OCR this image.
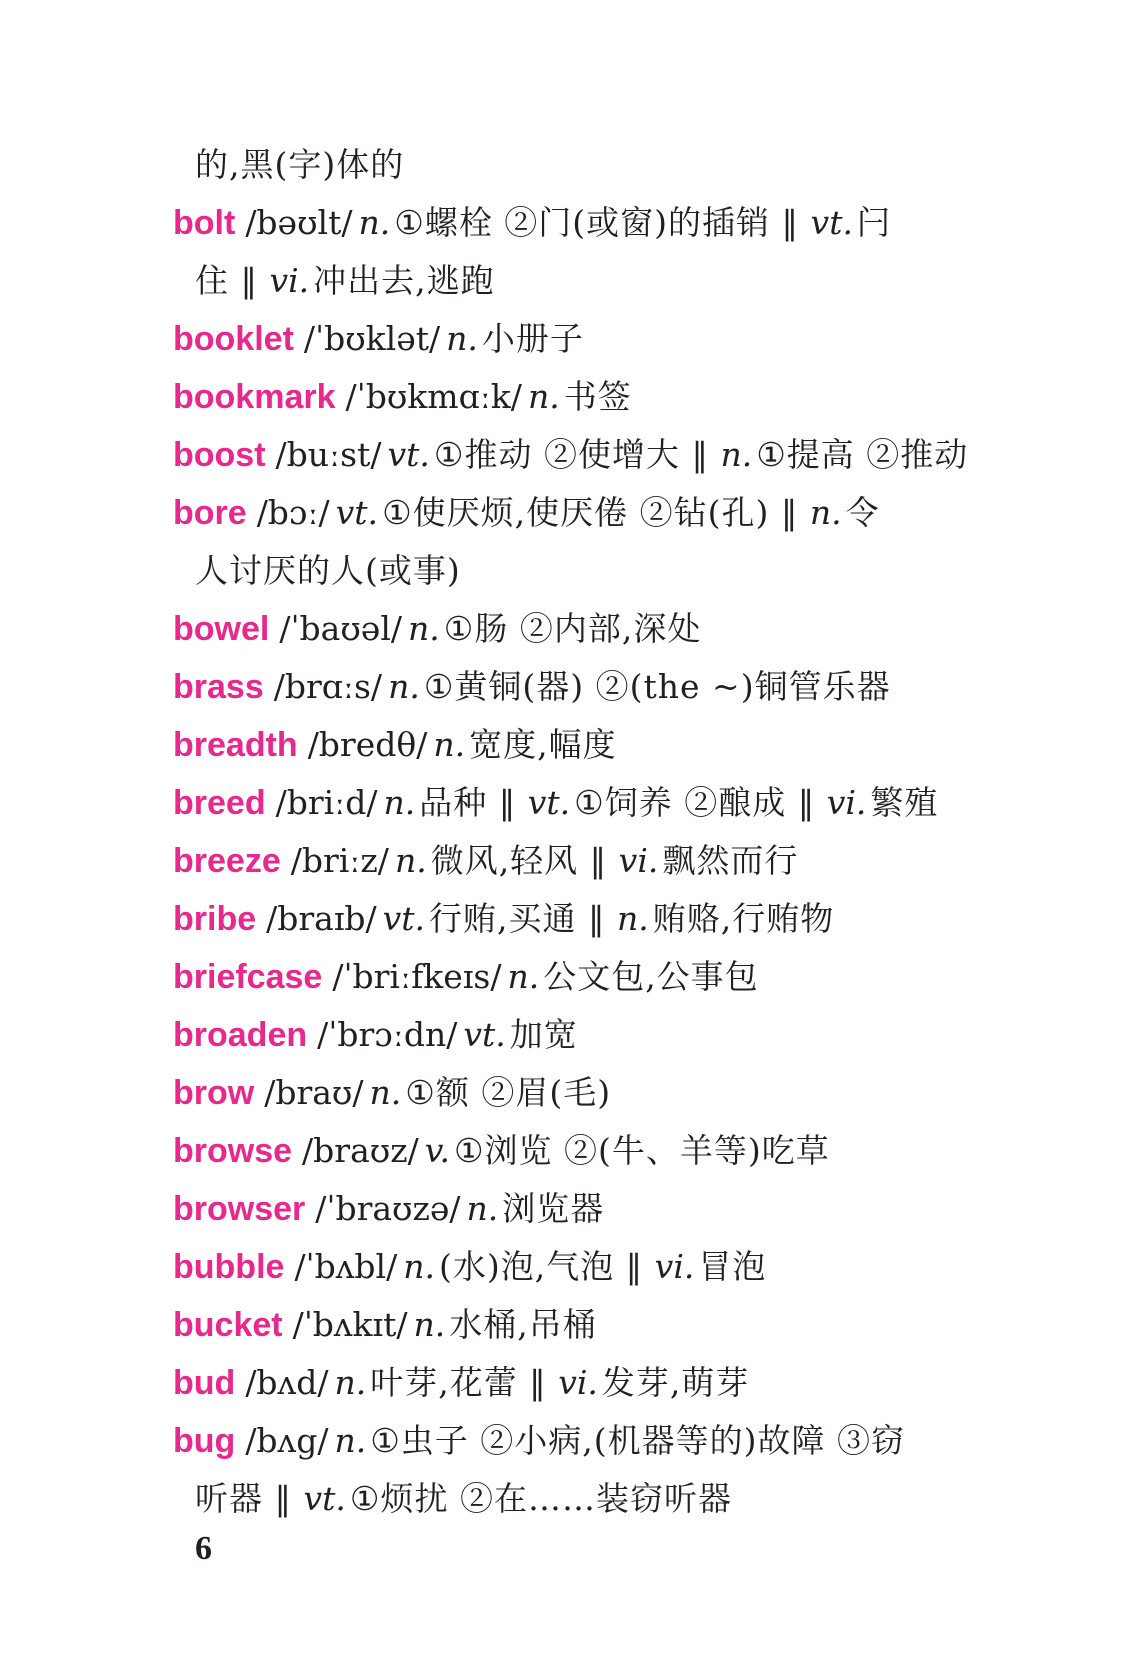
的,黑(字)体的
bolt /bəʊlt/ n. ①螺栓 ②门(或窗)的插销 ‖ vt. 闩
住 ‖ vi. 冲出去,逃跑
booklet /ˈbʊklət/ n. 小册子
bookmark /ˈbʊkmɑːk/ n. 书签
boost /buːst/ vt. ①推动 ②使增大 ‖ n. ①提高 ②推动
bore /bɔː/ vt. ①使厌烦,使厌倦 ②钻(孔) ‖ n. 令
人讨厌的人(或事)
bowel /ˈbaʊəl/ n. ①肠 ②内部,深处
brass /brɑːs/ n. ①黄铜(器) ②(the ~)铜管乐器
breadth /bredθ/ n. 宽度,幅度
breed /briːd/ n. 品种 ‖ vt. ①饲养 ②酿成 ‖ vi. 繁殖
breeze /briːz/ n. 微风,轻风 ‖ vi. 飘然而行
bribe /braɪb/ vt. 行贿,买通 ‖ n. 贿赂,行贿物
briefcase /ˈbriːfkeɪs/ n. 公文包,公事包
broaden /ˈbrɔːdn/ vt. 加宽
brow /braʊ/ n. ①额 ②眉(毛)
browse /braʊz/ v. ①浏览 ②(牛、羊等)吃草
browser /ˈbraʊzə/ n. 浏览器
bubble /ˈbʌbl/ n. (水)泡,气泡 ‖ vi. 冒泡
bucket /ˈbʌkɪt/ n. 水桶,吊桶
bud /bʌd/ n. 叶芽,花蕾 ‖ vi. 发芽,萌芽
bug /bʌg/ n. ①虫子 ②小病,(机器等的)故障 ③窃
听器 ‖ vt. ①烦扰 ②在……装窃听器
6
